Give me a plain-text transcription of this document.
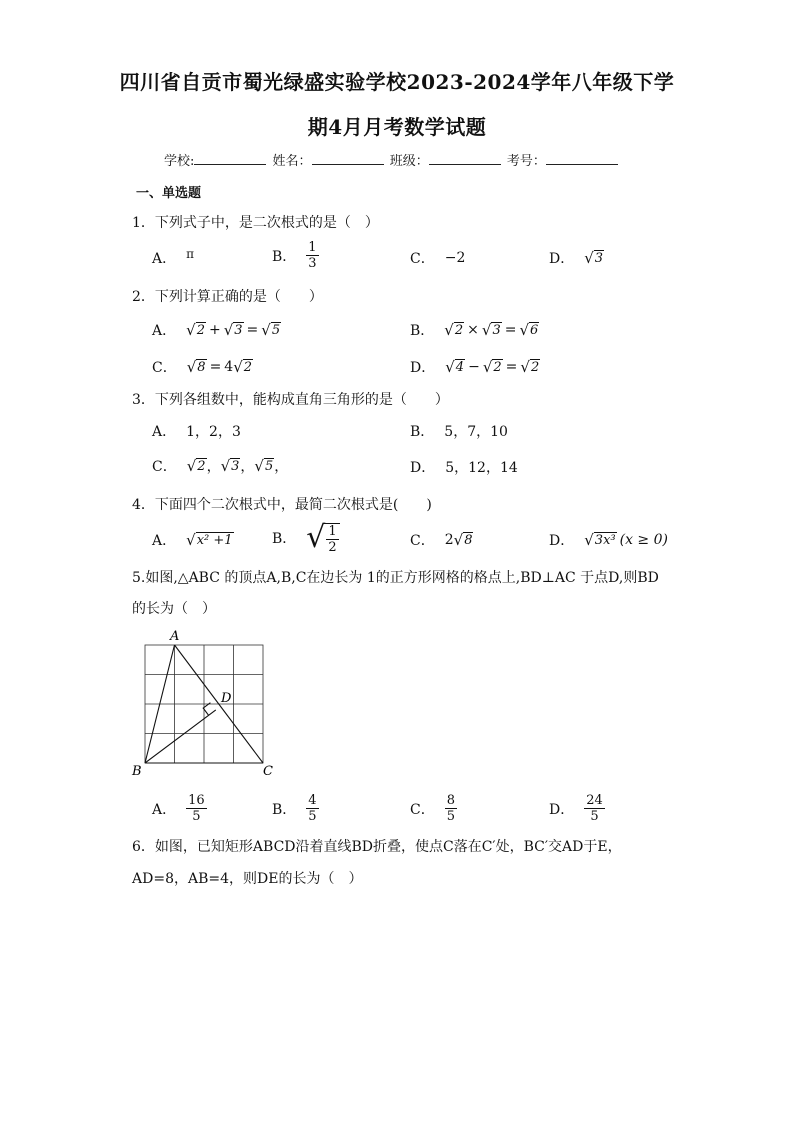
四川省自贡市蜀光绿盛实验学校2023-2024学年八年级下学
期4月月考数学试题
学校:	姓名：	班级：	考号：
一、单选题
1．下列式子中，是二次根式的是（　）
A． π	B． $\frac{1}{3}$	C． −2	D． √ 3
2．下列计算正确的是（　　）
A． √ 2 + √ 3 = √ 5	B． √ 2 × √ 3 = √ 6
C． √ 8 = 4 √ 2	D． √ 4 − √ 2 = √ 2
3．下列各组数中，能构成直角三角形的是（　　）
A． 1，2，3	B． 5，7，10
C． √ 2 ， √ 3 ， √ 5 ，	D． 5，12，14
4．下面四个二次根式中，最简二次根式是(　　)
A． √ x² +1	B． √ $\frac{1}{2}$	C． 2 √ 8	D． √ 3x³ (x ≥ 0)
5.如图,△ABC 的顶点A,B,C在边长为 1的正方形网格的格点上,BD⊥AC 于点D,则BD
的长为（　）
A
B	C
D
A． $\frac{16}{5}$	B． $\frac{4}{5}$	C． $\frac{8}{5}$	D． $\frac{24}{5}$
6．如图，已知矩形ABCD沿着直线BD折叠，使点C落在C′处，BC′交AD于E，
AD=8，AB=4，则DE的长为（　）
